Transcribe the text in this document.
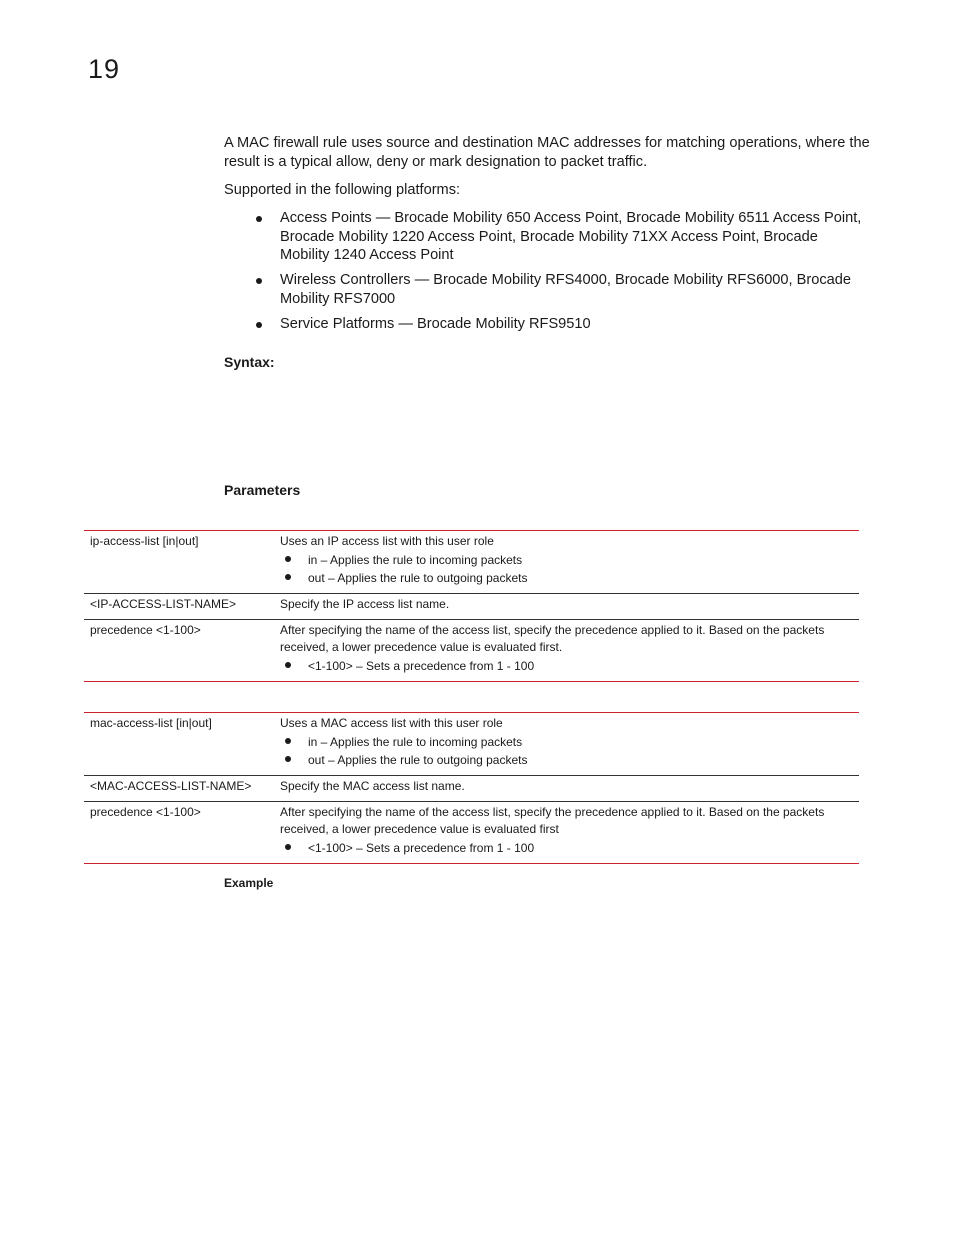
19
A MAC firewall rule uses source and destination MAC addresses for matching operations, where the result is a typical allow, deny or mark designation to packet traffic.
Supported in the following platforms:
Access Points — Brocade Mobility 650 Access Point, Brocade Mobility 6511 Access Point, Brocade Mobility 1220 Access Point, Brocade Mobility 71XX Access Point, Brocade Mobility 1240 Access Point
Wireless Controllers — Brocade Mobility RFS4000, Brocade Mobility RFS6000, Brocade Mobility RFS7000
Service Platforms — Brocade Mobility RFS9510
Syntax:
Parameters
ip-access-list [in|out]	Uses an IP access list with this user role
in – Applies the rule to incoming packets
out – Applies the rule to outgoing packets
<IP-ACCESS-LIST-NAME>	Specify the IP access list name.
precedence <1-100>	After specifying the name of the access list, specify the precedence applied to it. Based on the packets received, a lower precedence value is evaluated first.
<1-100> – Sets a precedence from 1 - 100
mac-access-list [in|out]	Uses a MAC access list with this user role
in – Applies the rule to incoming packets
out – Applies the rule to outgoing packets
<MAC-ACCESS-LIST-NAME>	Specify the MAC access list name.
precedence <1-100>	After specifying the name of the access list, specify the precedence applied to it. Based on the packets received, a lower precedence value is evaluated first
<1-100> – Sets a precedence from 1 - 100
Example
